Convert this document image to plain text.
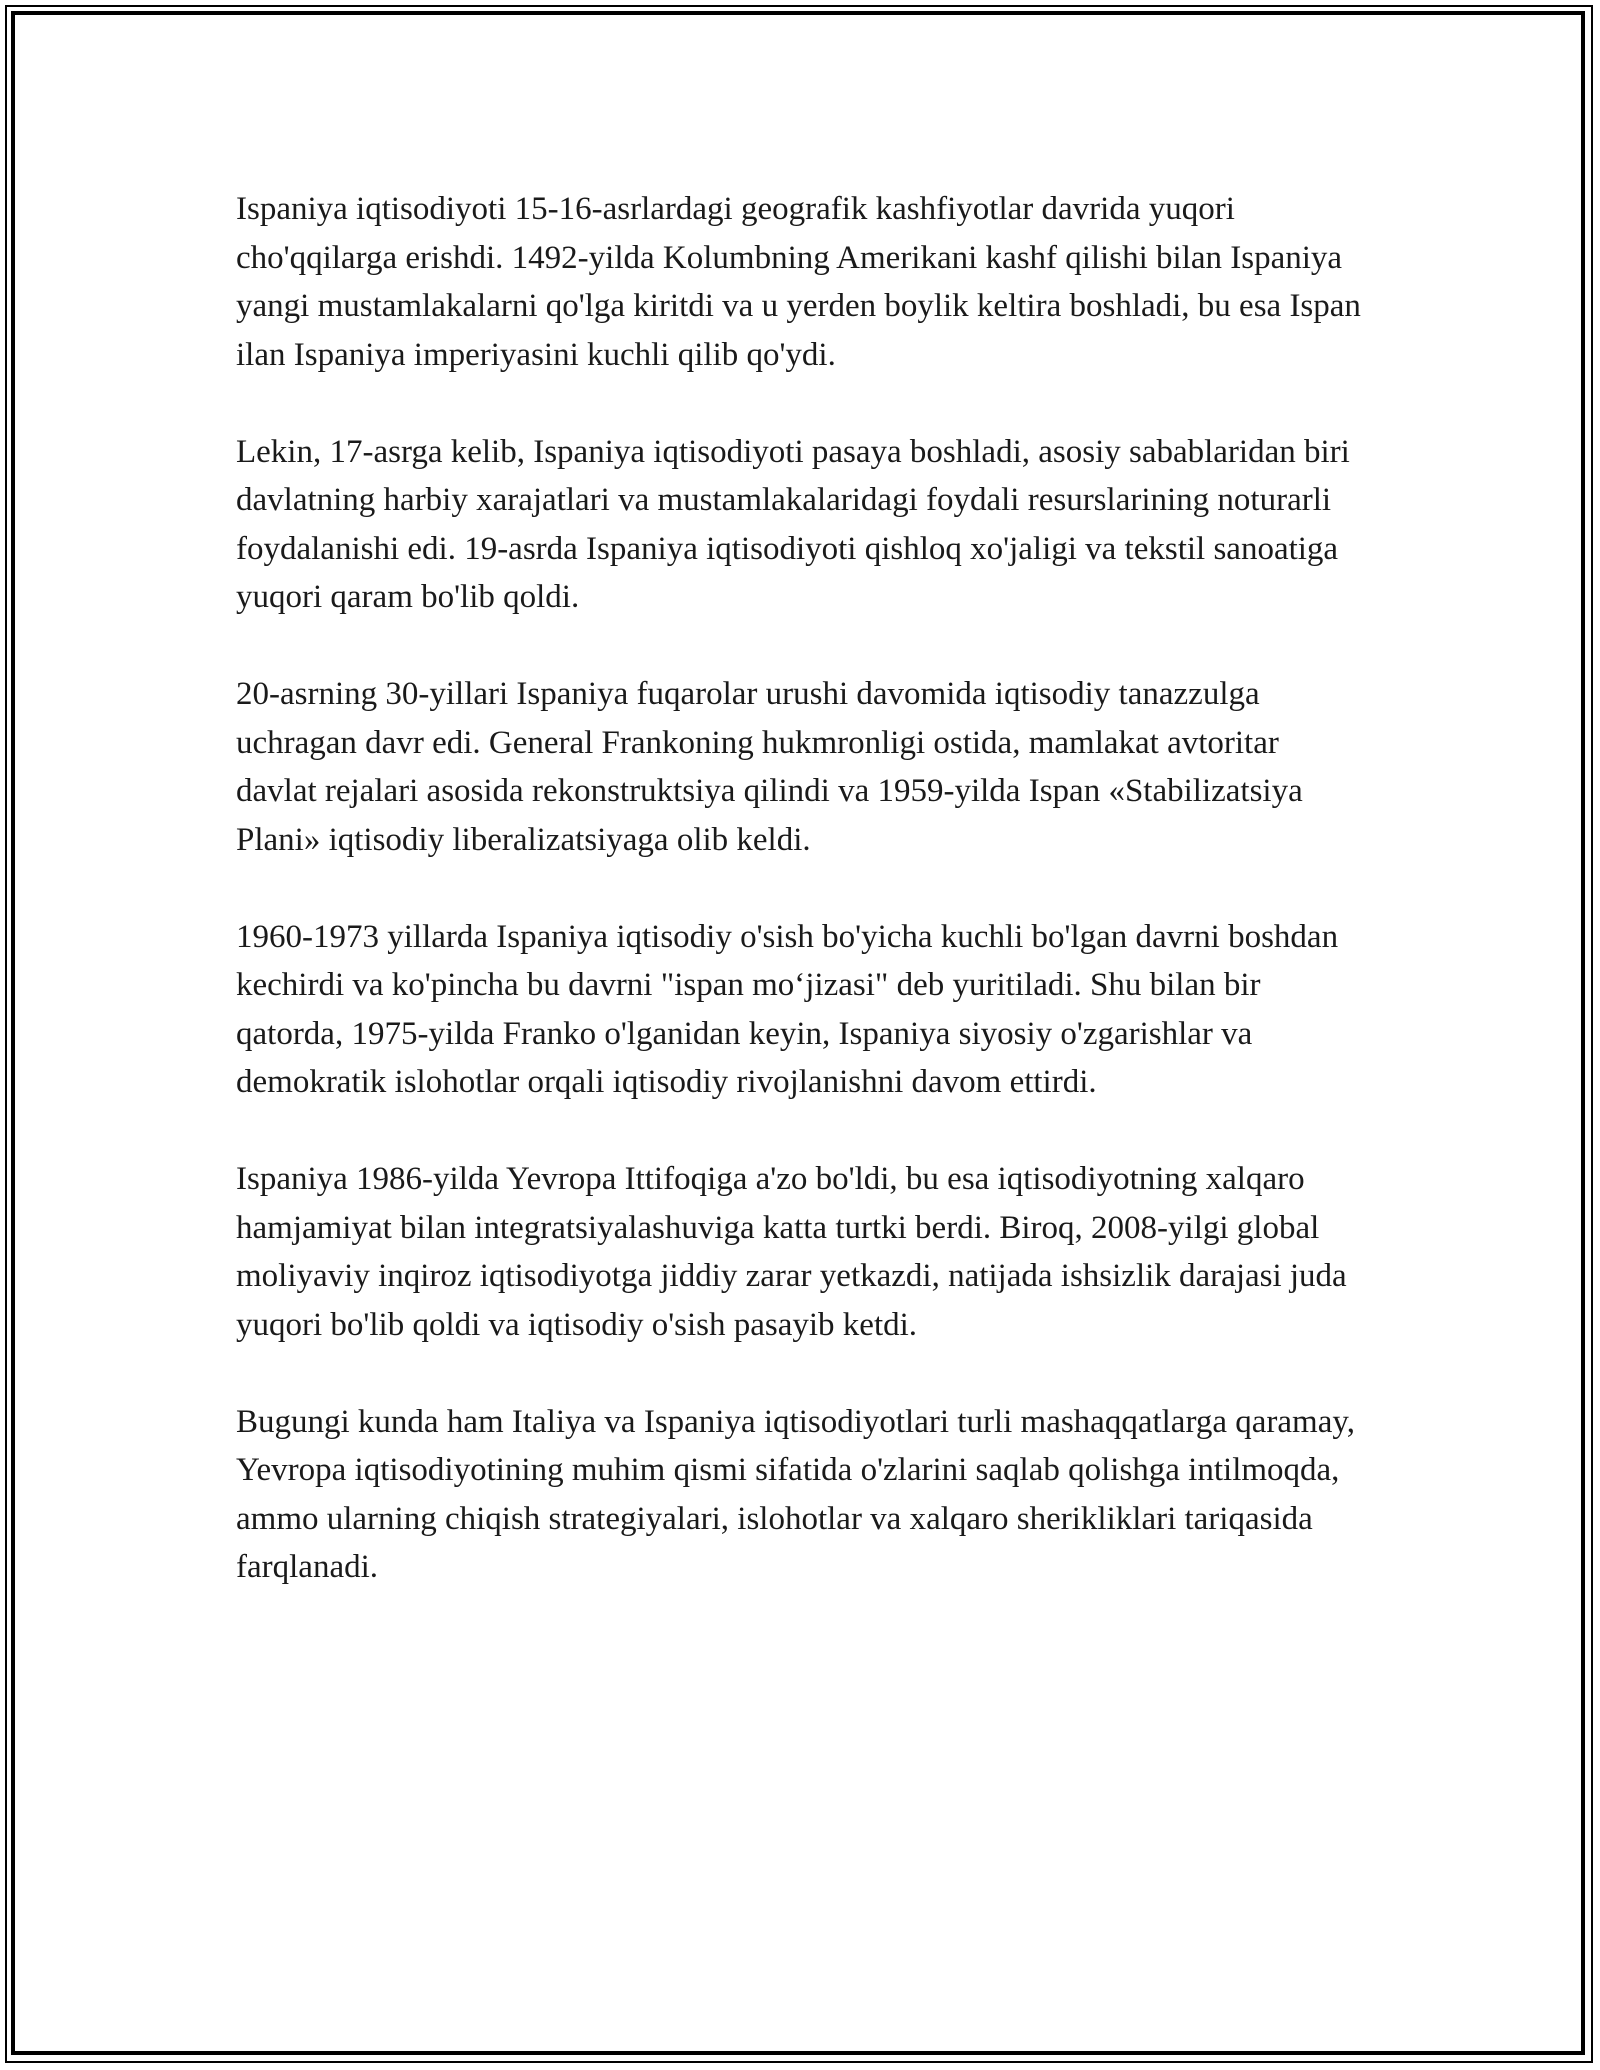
Ispaniya iqtisodiyoti 15-16-asrlardagi geografik kashfiyotlar davrida yuqori cho'qqilarga erishdi. 1492-yilda Kolumbning Amerikani kashf qilishi bilan Ispaniya yangi mustamlakalarni qo'lga kiritdi va u yerden boylik keltira boshladi, bu esa Ispan ilan Ispaniya imperiyasini kuchli qilib qo'ydi.

Lekin, 17-asrga kelib, Ispaniya iqtisodiyoti pasaya boshladi, asosiy sabablaridan biri davlatning harbiy xarajatlari va mustamlakalaridagi foydali resurslarining noturarli foydalanishi edi. 19-asrda Ispaniya iqtisodiyoti qishloq xo'jaligi va tekstil sanoatiga yuqori qaram bo'lib qoldi.

20-asrning 30-yillari Ispaniya fuqarolar urushi davomida iqtisodiy tanazzulga uchragan davr edi. General Frankoning hukmronligi ostida, mamlakat avtoritar davlat rejalari asosida rekonstruktsiya qilindi va 1959-yilda Ispan «Stabilizatsiya Plani» iqtisodiy liberalizatsiyaga olib keldi.

1960-1973 yillarda Ispaniya iqtisodiy o'sish bo'yicha kuchli bo'lgan davrni boshdan kechirdi va ko'pincha bu davrni "ispan mo‘jizasi" deb yuritiladi. Shu bilan bir qatorda, 1975-yilda Franko o'lganidan keyin, Ispaniya siyosiy o'zgarishlar va demokratik islohotlar orqali iqtisodiy rivojlanishni davom ettirdi.

Ispaniya 1986-yilda Yevropa Ittifoqiga a'zo bo'ldi, bu esa iqtisodiyotning xalqaro hamjamiyat bilan integratsiyalashuviga katta turtki berdi. Biroq, 2008-yilgi global moliyaviy inqiroz iqtisodiyotga jiddiy zarar yetkazdi, natijada ishsizlik darajasi juda yuqori bo'lib qoldi va iqtisodiy o'sish pasayib ketdi.

Bugungi kunda ham Italiya va Ispaniya iqtisodiyotlari turli mashaqqatlarga qaramay, Yevropa iqtisodiyotining muhim qismi sifatida o'zlarini saqlab qolishga intilmoqda, ammo ularning chiqish strategiyalari, islohotlar va xalqaro sherikliklari tariqasida farqlanadi.
